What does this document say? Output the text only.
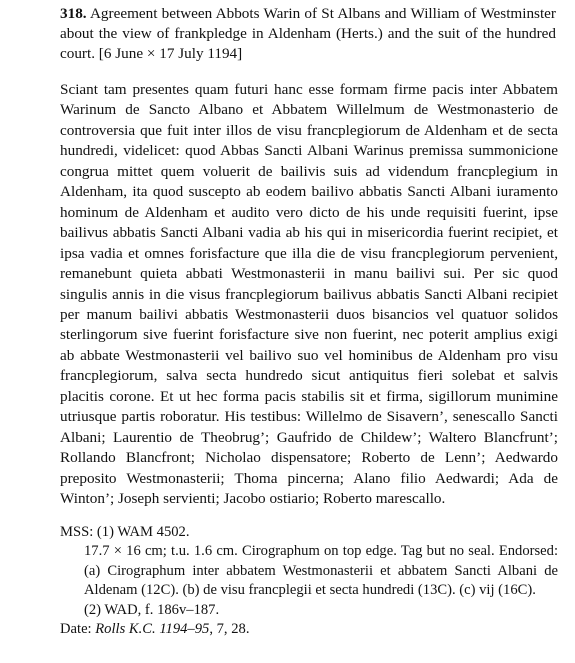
318. Agreement between Abbots Warin of St Albans and William of Westminster about the view of frankpledge in Aldenham (Herts.) and the suit of the hundred court. [6 June × 17 July 1194]
Sciant tam presentes quam futuri hanc esse formam firme pacis inter Abbatem Warinum de Sancto Albano et Abbatem Willelmum de Westmonasterio de controversia que fuit inter illos de visu francplegiorum de Aldenham et de secta hundredi, videlicet: quod Abbas Sancti Albani Warinus premissa summonicione congrua mittet quem voluerit de bailivis suis ad videndum francplegium in Aldenham, ita quod susceptо ab eodem bailivo abbatis Sancti Albani iuramento hominum de Aldenham et audito vero dicto de his unde requisiti fuerint, ipse bailivus abbatis Sancti Albani vadia ab his qui in misericordia fuerint recipiet, et ipsa vadia et omnes forisfacture que illa die de visu francplegiorum pervenient, remanebunt quieta abbati Westmonasterii in manu bailivi sui. Per sic quod singulis annis in die visus francplegiorum bailivus abbatis Sancti Albani recipiet per manum bailivi abbatis Westmonasterii duos bisancios vel quatuor solidos sterlingorum sive fuerint forisfacture sive non fuerint, nec poterit amplius exigi ab abbate Westmonasterii vel bailivo suo vel hominibus de Aldenham pro visu francplegiorum, salva secta hundredo sicut antiquitus fieri solebat et salvis placitis corone. Et ut hec forma pacis stabilis sit et firma, sigillorum munimine utriusque partis roboratur. His testibus: Willelmo de Sisavern’, senescallo Sancti Albani; Laurentio de Theobrug’; Gaufrido de Childew’; Waltero Blancfrunt’; Rollando Blancfront; Nicholao dispensatore; Roberto de Lenn’; Aedwardo preposito Westmonasterii; Thoma pincerna; Alano filio Aedwardi; Ada de Winton’; Joseph servienti; Jacobo ostiario; Roberto marescallo.
MSS: (1) WAM 4502.
17.7 × 16 cm; t.u. 1.6 cm. Cirographum on top edge. Tag but no seal. Endorsed: (a) Cirographum inter abbatem Westmonasterii et abbatem Sancti Albani de Aldenam (12C). (b) de visu francplegii et secta hundredi (13C). (c) vij (16C).
(2) WAD, f. 186v–187.
Date: Rolls K.C. 1194–95, 7, 28.
